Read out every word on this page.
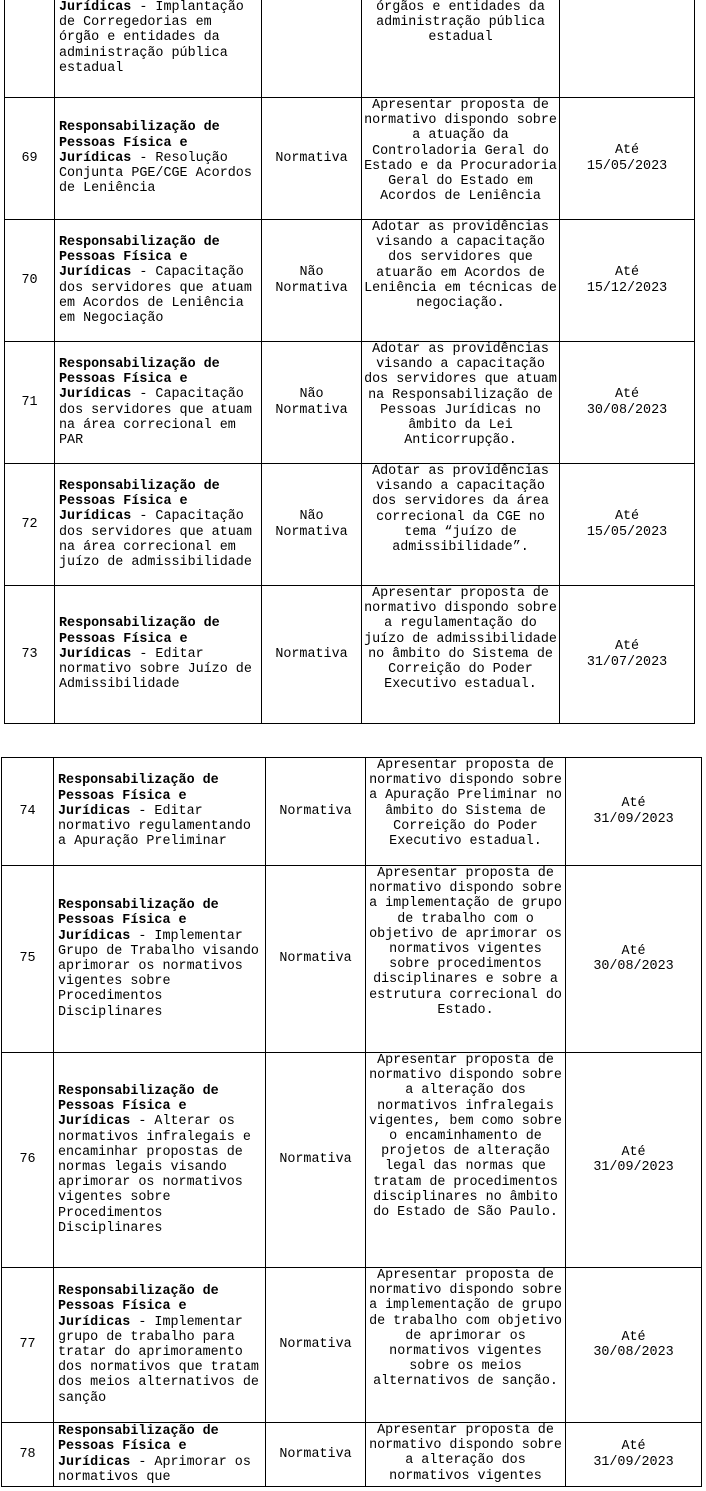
	Jurídicas - Implantação de Corregedorias em órgão e entidades da administração pública estadual		órgãos e entidades da administração pública estadual	

69	Responsabilização de Pessoas Física e Jurídicas - Resolução Conjunta PGE/CGE Acordos de Leniência	Normativa	Apresentar proposta de normativo dispondo sobre a atuação da Controladoria Geral do Estado e da Procuradoria Geral do Estado em Acordos de Leniência	Até
15/05/2023

70	Responsabilização de Pessoas Física e Jurídicas - Capacitação dos servidores que atuam em Acordos de Leniência em Negociação	Não Normativa	Adotar as providências visando a capacitação dos servidores que atuarão em Acordos de Leniência em técnicas de negociação.	Até
15/12/2023

71	Responsabilização de Pessoas Física e Jurídicas - Capacitação dos servidores que atuam na área correcional em PAR	Não Normativa	Adotar as providências visando a capacitação dos servidores que atuam na Responsabilização de Pessoas Jurídicas no âmbito da Lei Anticorrupção.	Até
30/08/2023

72	Responsabilização de Pessoas Física e Jurídicas - Capacitação dos servidores que atuam na área correcional em juízo de admissibilidade	Não Normativa	Adotar as providências visando a capacitação dos servidores da área correcional da CGE no tema “juízo de admissibilidade”.	Até
15/05/2023

73	Responsabilização de Pessoas Física e Jurídicas - Editar normativo sobre Juízo de Admissibilidade	Normativa	Apresentar proposta de normativo dispondo sobre a regulamentação do juízo de admissibilidade no âmbito do Sistema de Correição do Poder Executivo estadual.	Até
31/07/2023
74	Responsabilização de Pessoas Física e Jurídicas - Editar normativo regulamentando a Apuração Preliminar	Normativa	Apresentar proposta de normativo dispondo sobre a Apuração Preliminar no âmbito do Sistema de Correição do Poder Executivo estadual.	Até
31/09/2023

75	Responsabilização de Pessoas Física e Jurídicas - Implementar Grupo de Trabalho visando aprimorar os normativos vigentes sobre Procedimentos Disciplinares	Normativa	Apresentar proposta de normativo dispondo sobre a implementação de grupo de trabalho com o objetivo de aprimorar os normativos vigentes sobre procedimentos disciplinares e sobre a estrutura correcional do Estado.	Até
30/08/2023

76	Responsabilização de Pessoas Física e Jurídicas - Alterar os normativos infralegais e encaminhar propostas de normas legais visando aprimorar os normativos vigentes sobre Procedimentos Disciplinares	Normativa	Apresentar proposta de normativo dispondo sobre a alteração dos normativos infralegais vigentes, bem como sobre o encaminhamento de projetos de alteração legal das normas que tratam de procedimentos disciplinares no âmbito do Estado de São Paulo.	Até
31/09/2023

77	Responsabilização de Pessoas Física e Jurídicas - Implementar grupo de trabalho para tratar do aprimoramento dos normativos que tratam dos meios alternativos de sanção	Normativa	Apresentar proposta de normativo dispondo sobre a implementação de grupo de trabalho com objetivo de aprimorar os normativos vigentes sobre os meios alternativos de sanção.	Até
30/08/2023

78	Responsabilização de Pessoas Física e Jurídicas - Aprimorar os normativos que	Normativa	Apresentar proposta de normativo dispondo sobre a alteração dos normativos vigentes	Até
31/09/2023
